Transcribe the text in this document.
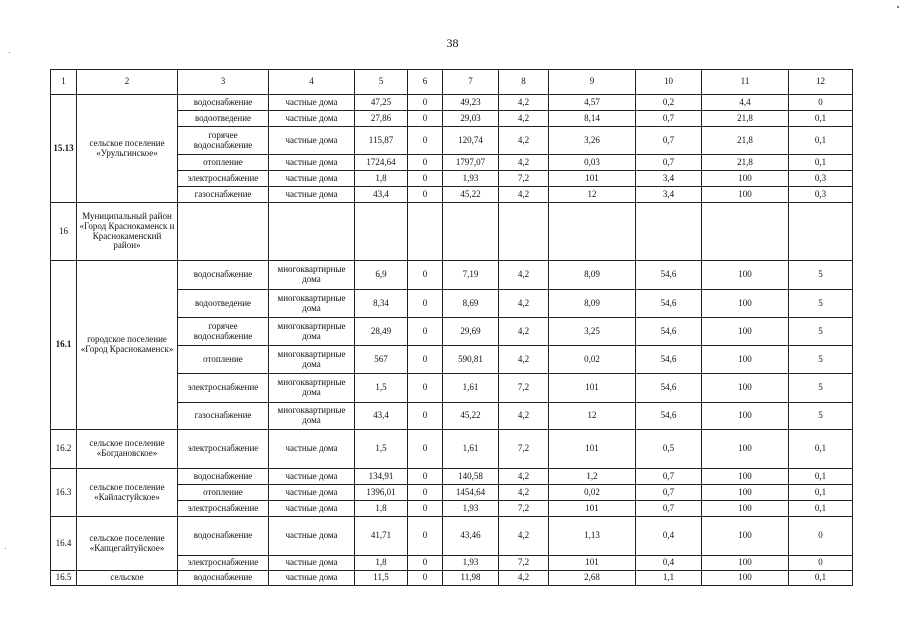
38
1	2	3	4	5	6	7	8	9	10	11	12
15.13	сельское поселение «Урульгинское»	водоснабжение	частные дома	47,25	0	49,23	4,2	4,57	0,2	4,4	0
		водоотведение	частные дома	27,86	0	29,03	4,2	8,14	0,7	21,8	0,1
		горячее водоснабжение	частные дома	115,87	0	120,74	4,2	3,26	0,7	21,8	0,1
		отопление	частные дома	1724,64	0	1797,07	4,2	0,03	0,7	21,8	0,1
		электроснабжение	частные дома	1,8	0	1,93	7,2	101	3,4	100	0,3
		газоснабжение	частные дома	43,4	0	45,22	4,2	12	3,4	100	0,3
16	Муниципальный район «Город Краснокаменск и Краснокаменский район»										
16.1	городское поселение «Город Краснокаменск»	водоснабжение	многоквартирные дома	6,9	0	7,19	4,2	8,09	54,6	100	5
		водоотведение	многоквартирные дома	8,34	0	8,69	4,2	8,09	54,6	100	5
		горячее водоснабжение	многоквартирные дома	28,49	0	29,69	4,2	3,25	54,6	100	5
		отопление	многоквартирные дома	567	0	590,81	4,2	0,02	54,6	100	5
		электроснабжение	многоквартирные дома	1,5	0	1,61	7,2	101	54,6	100	5
		газоснабжение	многоквартирные дома	43,4	0	45,22	4,2	12	54,6	100	5
16.2	сельское поселение «Богдановское»	электроснабжение	частные дома	1,5	0	1,61	7,2	101	0,5	100	0,1
16.3	сельское поселение «Кайластуйское»	водоснабжение	частные дома	134,91	0	140,58	4,2	1,2	0,7	100	0,1
		отопление	частные дома	1396,01	0	1454,64	4,2	0,02	0,7	100	0,1
		электроснабжение	частные дома	1,8	0	1,93	7,2	101	0,7	100	0,1
16.4	сельское поселение «Капцегайтуйское»	водоснабжение	частные дома	41,71	0	43,46	4,2	1,13	0,4	100	0
		электроснабжение	частные дома	1,8	0	1,93	7,2	101	0,4	100	0
16.5	сельское	водоснабжение	частные дома	11,5	0	11,98	4,2	2,68	1,1	100	0,1
